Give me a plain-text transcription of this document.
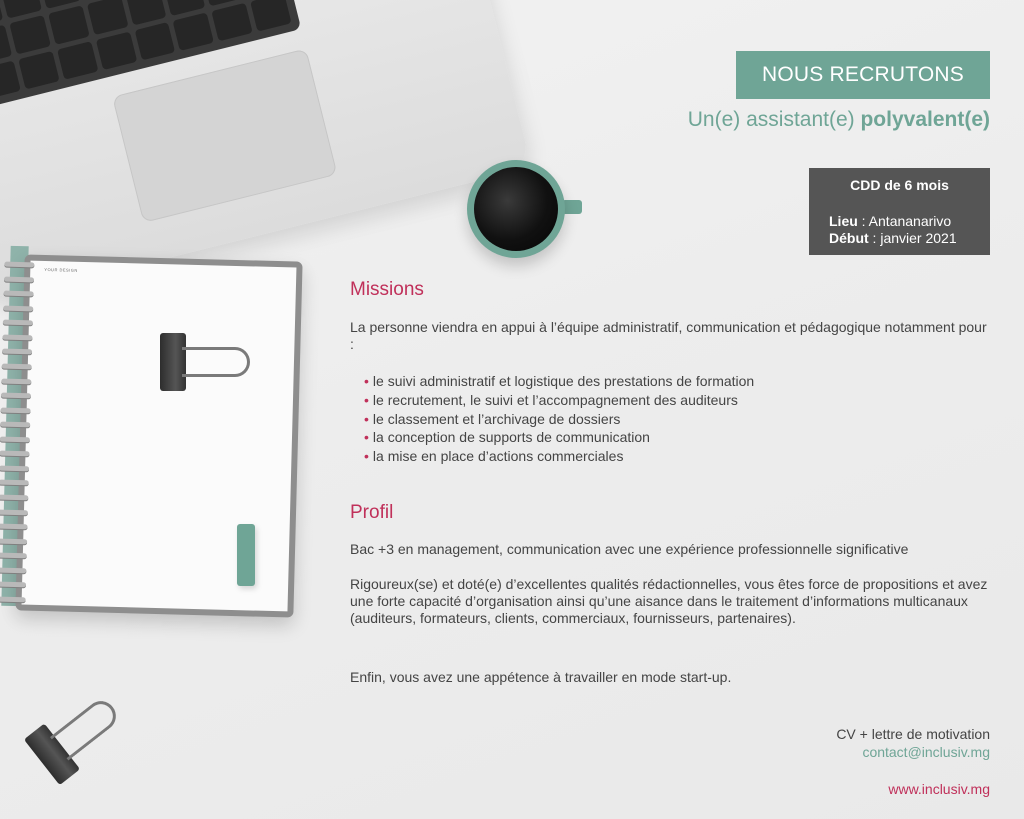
YOUR DESIGN
NOUS RECRUTONS
Un(e) assistant(e) polyvalent(e)
CDD de 6 mois
Lieu : Antananarivo
Début : janvier 2021
Missions
La personne viendra en appui à l’équipe administratif, communication et pédagogique notamment pour :
• le suivi administratif et logistique des prestations de formation
• le recrutement, le suivi et l’accompagnement des auditeurs
• le classement et l’archivage de dossiers
• la conception de supports de communication
• la mise en place d’actions commerciales
Profil
Bac +3 en management, communication avec une expérience professionnelle significative
Rigoureux(se) et doté(e) d’excellentes qualités rédactionnelles, vous êtes force de propositions et avez une forte capacité d’organisation ainsi qu’une aisance dans le traitement d’informations multicanaux (auditeurs, formateurs, clients, commerciaux, fournisseurs, partenaires).
Enfin, vous avez une appétence à travailler en mode start-up.
CV + lettre de motivation
contact@inclusiv.mg
www.inclusiv.mg
